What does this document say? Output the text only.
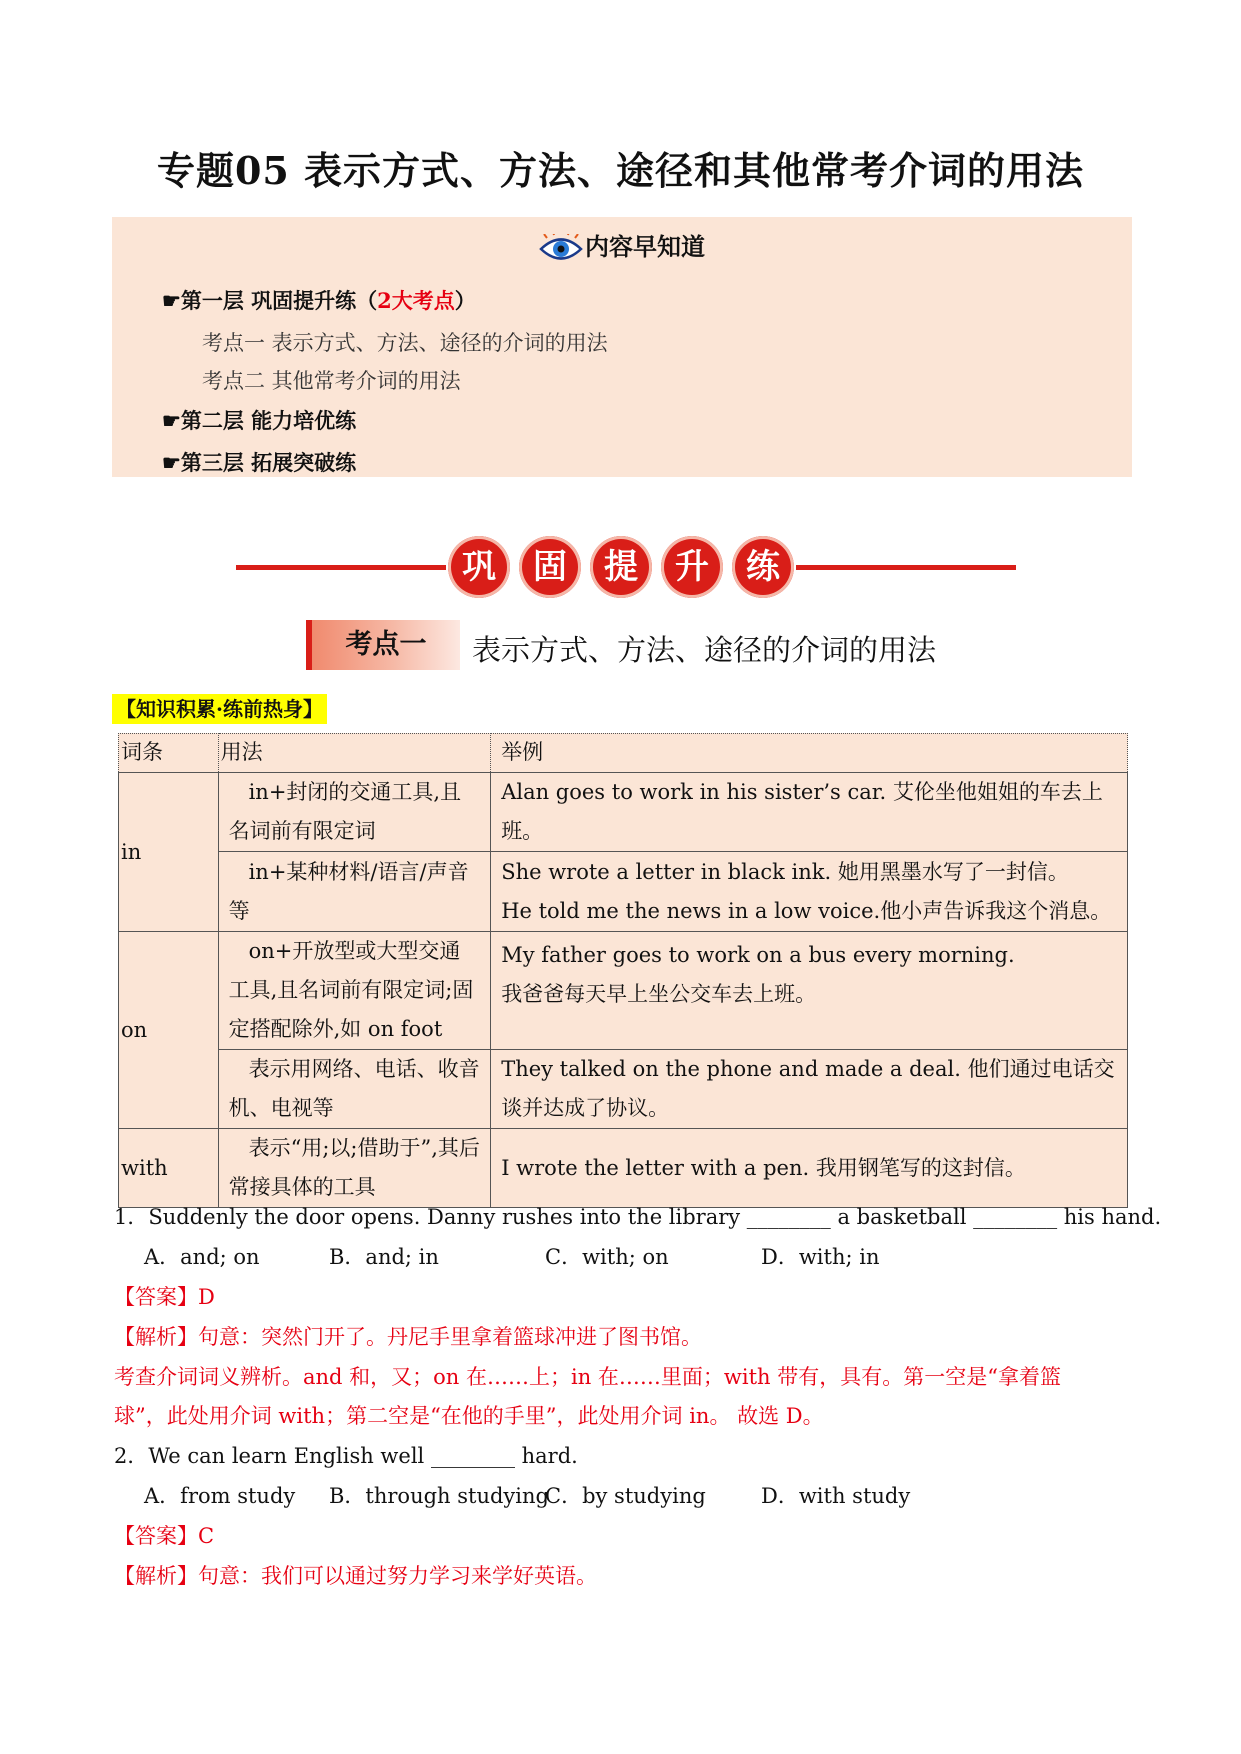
专题05 表示方式、方法、途径和其他常考介词的用法
内容早知道
☛第一层 巩固提升练（2大考点）
考点一 表示方式、方法、途径的介词的用法
考点二 其他常考介词的用法
☛第二层 能力培优练
☛第三层 拓展突破练
巩	固	提	升	练
考点一	表示方式、方法、途径的介词的用法
【知识积累·练前热身】
词条	用法	举例
in	in+封闭的交通工具,且名词前有限定词	Alan goes to work in his sister’s car. 艾伦坐他姐姐的车去上班。
	in+某种材料/语言/声音等	She wrote a letter in black ink. 她用黑墨水写了一封信。
He told me the news in a low voice.他小声告诉我这个消息。

on	on+开放型或大型交通工具,且名词前有限定词;固定搭配除外,如 on foot	My father goes to work on a bus every morning.
我爸爸每天早上坐公交车去上班。

	表示用网络、电话、收音机、电视等	They talked on the phone and made a deal. 他们通过电话交谈并达成了协议。
with	表示“用;以;借助于”,其后常接具体的工具	I wrote the letter with a pen. 我用钢笔写的这封信。
1．Suddenly the door opens. Danny rushes into the library ________ a basketball ________ his hand.
A．and; on	B．and; in	C．with; on	D．with; in
【答案】D
【解析】句意：突然门开了。丹尼手里拿着篮球冲进了图书馆。
考查介词词义辨析。and 和，又；on 在……上；in 在……里面；with 带有，具有。第一空是“拿着篮
球”，此处用介词 with；第二空是“在他的手里”，此处用介词 in。 故选 D。
2．We can learn English well ________ hard.
A．from study B．through studying
C．by studying	D．with study
【答案】C
【解析】句意：我们可以通过努力学习来学好英语。
